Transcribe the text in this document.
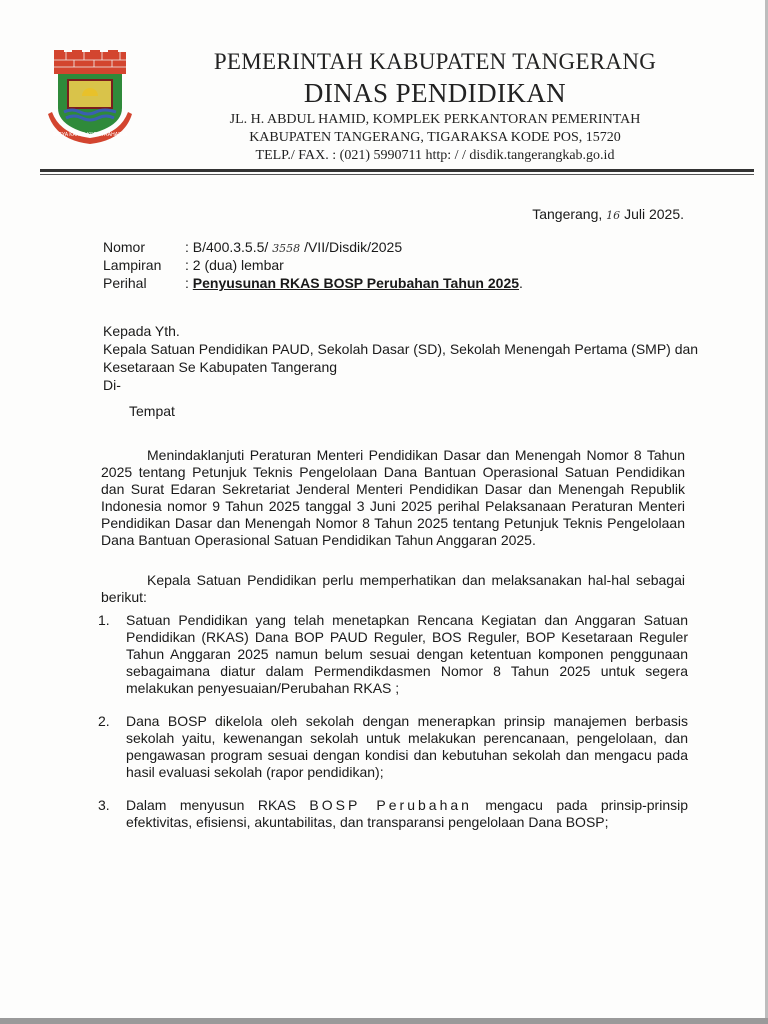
SATYA KARYA KERTA RAHARJA
PEMERINTAH KABUPATEN TANGERANG
DINAS PENDIDIKAN
JL. H. ABDUL HAMID, KOMPLEK PERKANTORAN PEMERINTAH
KABUPATEN TANGERANG, TIGARAKSA KODE POS, 15720
TELP./ FAX. : (021) 5990711 http: / / disdik.tangerangkab.go.id
Tangerang, 16 Juli 2025.
Nomor	: B/400.3.5.5/ 3558 /VII/Disdik/2025
Lampiran	: 2 (dua) lembar
Perihal	: Penyusunan RKAS BOSP Perubahan Tahun 2025.
Kepada Yth.
Kepala Satuan Pendidikan PAUD, Sekolah Dasar (SD), Sekolah Menengah Pertama (SMP) dan Kesetaraan Se Kabupaten Tangerang
Di-
Tempat
Menindaklanjuti Peraturan Menteri Pendidikan Dasar dan Menengah Nomor 8 Tahun 2025 tentang Petunjuk Teknis Pengelolaan Dana Bantuan Operasional Satuan Pendidikan dan Surat Edaran Sekretariat Jenderal Menteri Pendidikan Dasar dan Menengah Republik Indonesia nomor 9 Tahun 2025 tanggal 3 Juni 2025 perihal Pelaksanaan Peraturan Menteri Pendidikan Dasar dan Menengah Nomor 8 Tahun 2025 tentang Petunjuk Teknis Pengelolaan Dana Bantuan Operasional Satuan Pendidikan Tahun Anggaran 2025.
Kepala Satuan Pendidikan perlu memperhatikan dan melaksanakan hal-hal sebagai berikut:
1.	Satuan Pendidikan yang telah menetapkan Rencana Kegiatan dan Anggaran Satuan Pendidikan (RKAS) Dana BOP PAUD Reguler, BOS Reguler, BOP Kesetaraan Reguler Tahun Anggaran 2025 namun belum sesuai dengan ketentuan komponen penggunaan sebagaimana diatur dalam Permendikdasmen Nomor 8 Tahun 2025 untuk segera melakukan penyesuaian/Perubahan RKAS ;
2.	Dana BOSP dikelola oleh sekolah dengan menerapkan prinsip manajemen berbasis sekolah yaitu, kewenangan sekolah untuk melakukan perencanaan, pengelolaan, dan pengawasan program sesuai dengan kondisi dan kebutuhan sekolah dan mengacu pada hasil evaluasi sekolah (rapor pendidikan);
3.	Dalam menyusun RKAS BOSP Perubahan mengacu pada prinsip-prinsip efektivitas, efisiensi, akuntabilitas, dan transparansi pengelolaan Dana BOSP;
